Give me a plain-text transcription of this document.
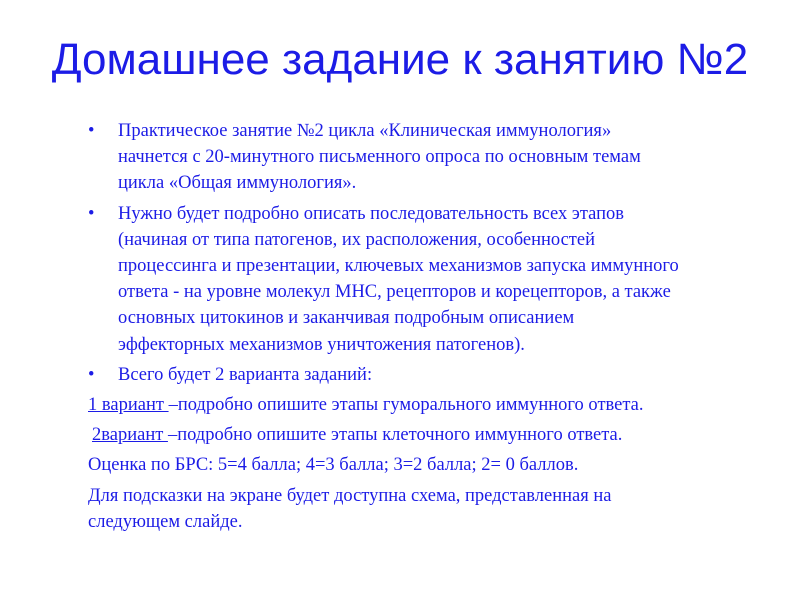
Домашнее задание к занятию №2
• Практическое занятие №2 цикла «Клиническая иммунология»
начнется с 20-минутного письменного опроса по основным темам
цикла «Общая иммунология».
• Нужно будет подробно описать последовательность всех этапов
(начиная от типа патогенов, их расположения, особенностей
процессинга и презентации, ключевых механизмов запуска иммунного
ответа - на уровне молекул МНС, рецепторов и корецепторов, а также
основных цитокинов и заканчивая подробным описанием
эффекторных механизмов уничтожения патогенов).
• Всего будет 2 варианта заданий:
1 вариант –подробно опишите этапы гуморального иммунного ответа.
2вариант –подробно опишите этапы клеточного иммунного ответа.
Оценка по БРС: 5=4 балла; 4=3 балла; 3=2 балла; 2= 0 баллов.
Для подсказки на экране будет доступна схема, представленная на
следующем слайде.
